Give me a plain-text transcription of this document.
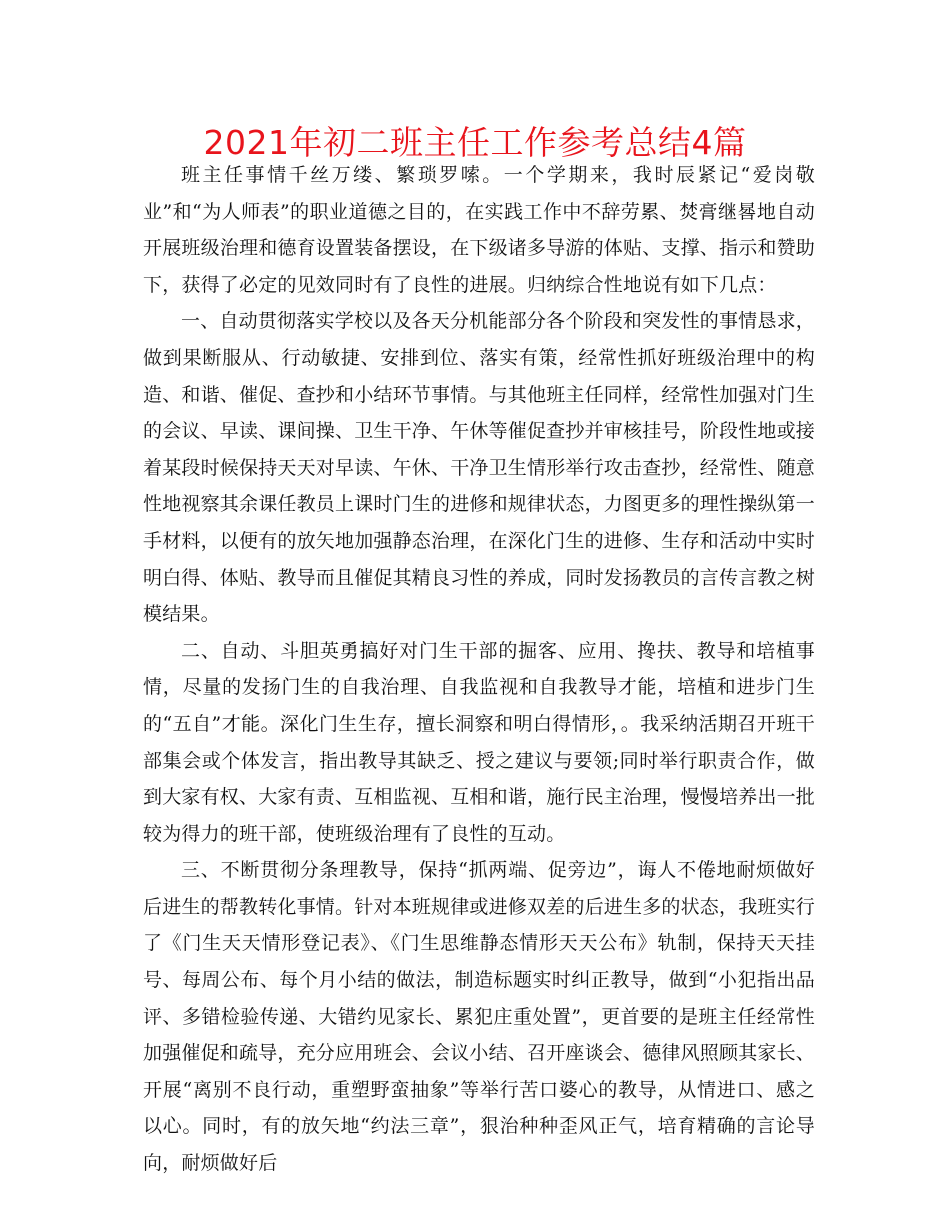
2021年初二班主任工作参考总结4篇

班主任事情千丝万缕、繁琐罗嗦。一个学期来，我时辰紧记“爱岗敬业”和“为人师表”的职业道德之目的，在实践工作中不辞劳累、焚膏继晷地自动开展班级治理和德育设置装备摆设，在下级诸多导游的体贴、支撑、指示和赞助下，获得了必定的见效同时有了良性的进展。归纳综合性地说有如下几点：

一、自动贯彻落实学校以及各天分机能部分各个阶段和突发性的事情恳求，做到果断服从、行动敏捷、安排到位、落实有策，经常性抓好班级治理中的构造、和谐、催促、查抄和小结环节事情。与其他班主任同样，经常性加强对门生的会议、早读、课间操、卫生干净、午休等催促查抄并审核挂号，阶段性地或接着某段时候保持天天对早读、午休、干净卫生情形举行攻击查抄，经常性、随意性地视察其余课任教员上课时门生的进修和规律状态，力图更多的理性操纵第一手材料，以便有的放矢地加强静态治理，在深化门生的进修、生存和活动中实时明白得、体贴、教导而且催促其精良习性的养成，同时发扬教员的言传言教之树模结果。

二、自动、斗胆英勇搞好对门生干部的掘客、应用、搀扶、教导和培植事情，尽量的发扬门生的自我治理、自我监视和自我教导才能，培植和进步门生的“五自”才能。深化门生生存，擅长洞察和明白得情形，。我采纳活期召开班干部集会或个体发言，指出教导其缺乏、授之建议与要领;同时举行职责合作，做到大家有权、大家有责、互相监视、互相和谐，施行民主治理，慢慢培养出一批较为得力的班干部，使班级治理有了良性的互动。

三、不断贯彻分条理教导，保持“抓两端、促旁边”，诲人不倦地耐烦做好后进生的帮教转化事情。针对本班规律或进修双差的后进生多的状态，我班实行了《门生天天情形登记表》、《门生思维静态情形天天公布》轨制，保持天天挂号、每周公布、每个月小结的做法，制造标题实时纠正教导，做到“小犯指出品评、多错检验传递、大错约见家长、累犯庄重处置”，更首要的是班主任经常性加强催促和疏导，充分应用班会、会议小结、召开座谈会、德律风照顾其家长、开展“离别不良行动，重塑野蛮抽象”等举行苦口婆心的教导，从情进口、感之以心。同时，有的放矢地“约法三章”，狠治种种歪风正气，培育精确的言论导向，耐烦做好后
